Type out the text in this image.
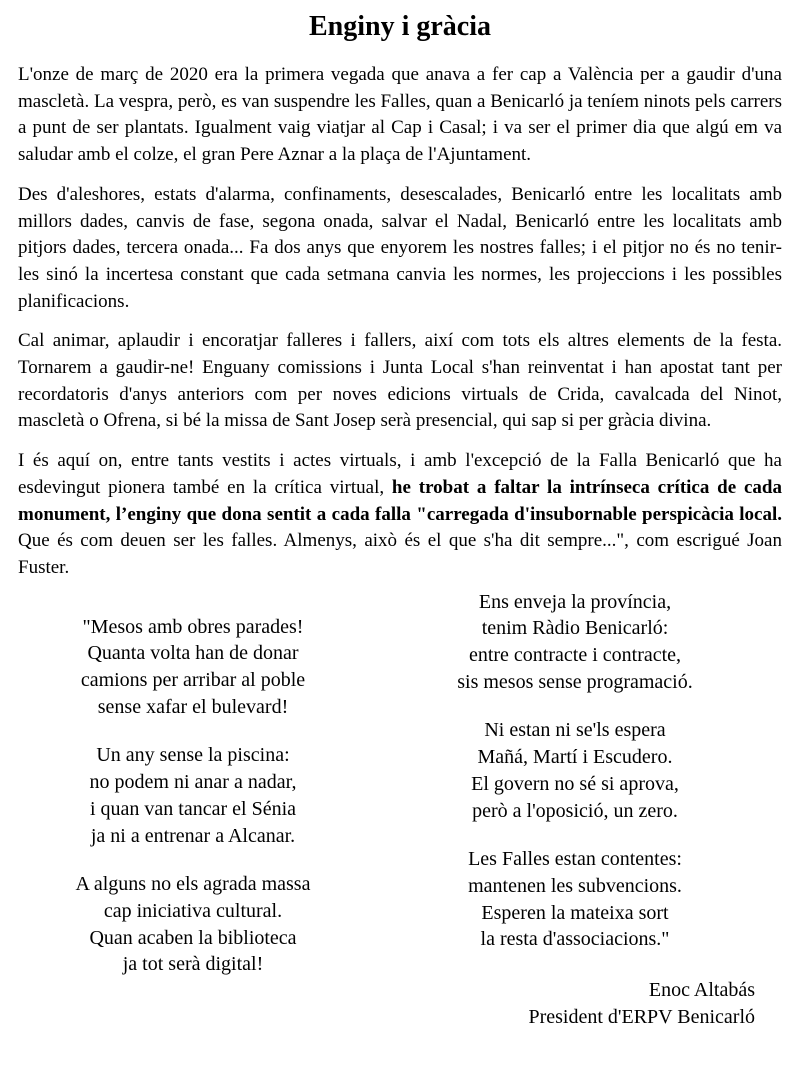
Enginy i gràcia

L'onze de març de 2020 era la primera vegada que anava a fer cap a València per a gaudir d'una mascletà. La vespra, però, es van suspendre les Falles, quan a Benicarló ja teníem ninots pels carrers a punt de ser plantats. Igualment vaig viatjar al Cap i Casal; i va ser el primer dia que algú em va saludar amb el colze, el gran Pere Aznar a la plaça de l'Ajuntament.

Des d'aleshores, estats d'alarma, confinaments, desescalades, Benicarló entre les localitats amb millors dades, canvis de fase, segona onada, salvar el Nadal, Benicarló entre les localitats amb pitjors dades, tercera onada... Fa dos anys que enyorem les nostres falles; i el pitjor no és no tenir-les sinó la incertesa constant que cada setmana canvia les normes, les projeccions i les possibles planificacions.

Cal animar, aplaudir i encoratjar falleres i fallers, així com tots els altres elements de la festa. Tornarem a gaudir-ne! Enguany comissions i Junta Local s'han reinventat i han apostat tant per recordatoris d'anys anteriors com per noves edicions virtuals de Crida, cavalcada del Ninot, mascletà o Ofrena, si bé la missa de Sant Josep serà presencial, qui sap si per gràcia divina.

I és aquí on, entre tants vestits i actes virtuals, i amb l'excepció de la Falla Benicarló que ha esdevingut pionera també en la crítica virtual, he trobat a faltar la intrínseca crítica de cada monument, l’enginy que dona sentit a cada falla "carregada d'insubornable perspicàcia local. Que és com deuen ser les falles. Almenys, això és el que s'ha dit sempre...", com escrigué Joan Fuster.

"Mesos amb obres parades!
Quanta volta han de donar
camions per arribar al poble
sense xafar el bulevard!
Un any sense la piscina:
no podem ni anar a nadar,
i quan van tancar el Sénia
ja ni a entrenar a Alcanar.
A alguns no els agrada massa
cap iniciativa cultural.
Quan acaben la biblioteca
ja tot serà digital!
Ens enveja la província,
tenim Ràdio Benicarló:
entre contracte i contracte,
sis mesos sense programació.
Ni estan ni se'ls espera
Mañá, Martí i Escudero.
El govern no sé si aprova,
però a l'oposició, un zero.
Les Falles estan contentes:
mantenen les subvencions.
Esperen la mateixa sort
la resta d'associacions."
Enoc Altabás
President d'ERPV Benicarló
